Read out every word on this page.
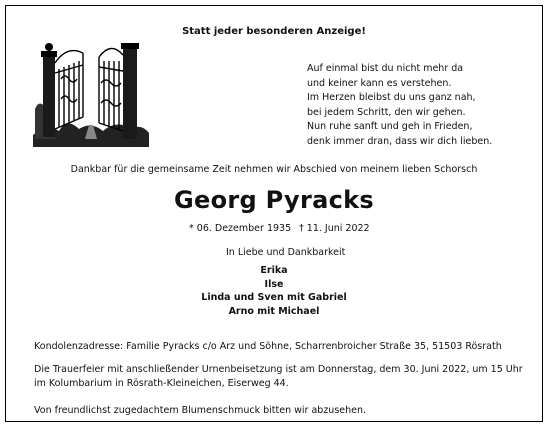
Statt jeder besonderen Anzeige!
Auf einmal bist du nicht mehr da
und keiner kann es verstehen.
Im Herzen bleibst du uns ganz nah,
bei jedem Schritt, den wir gehen.
Nun ruhe sanft und geh in Frieden,
denk immer dran, dass wir dich lieben.
Dankbar für die gemeinsame Zeit nehmen wir Abschied von meinem lieben Schorsch
Georg Pyracks
* 06. Dezember 1935 † 11. Juni 2022
In Liebe und Dankbarkeit
Erika
Ilse
Linda und Sven mit Gabriel
Arno mit Michael
Kondolenzadresse: Familie Pyracks c/o Arz und Söhne, Scharrenbroicher Straße 35, 51503 Rösrath
Die Trauerfeier mit anschließender Urnenbeisetzung ist am Donnerstag, dem 30. Juni 2022, um 15 Uhr im Kolumbarium in Rösrath-Kleineichen, Eiserweg 44.
Von freundlichst zugedachtem Blumenschmuck bitten wir abzusehen.
